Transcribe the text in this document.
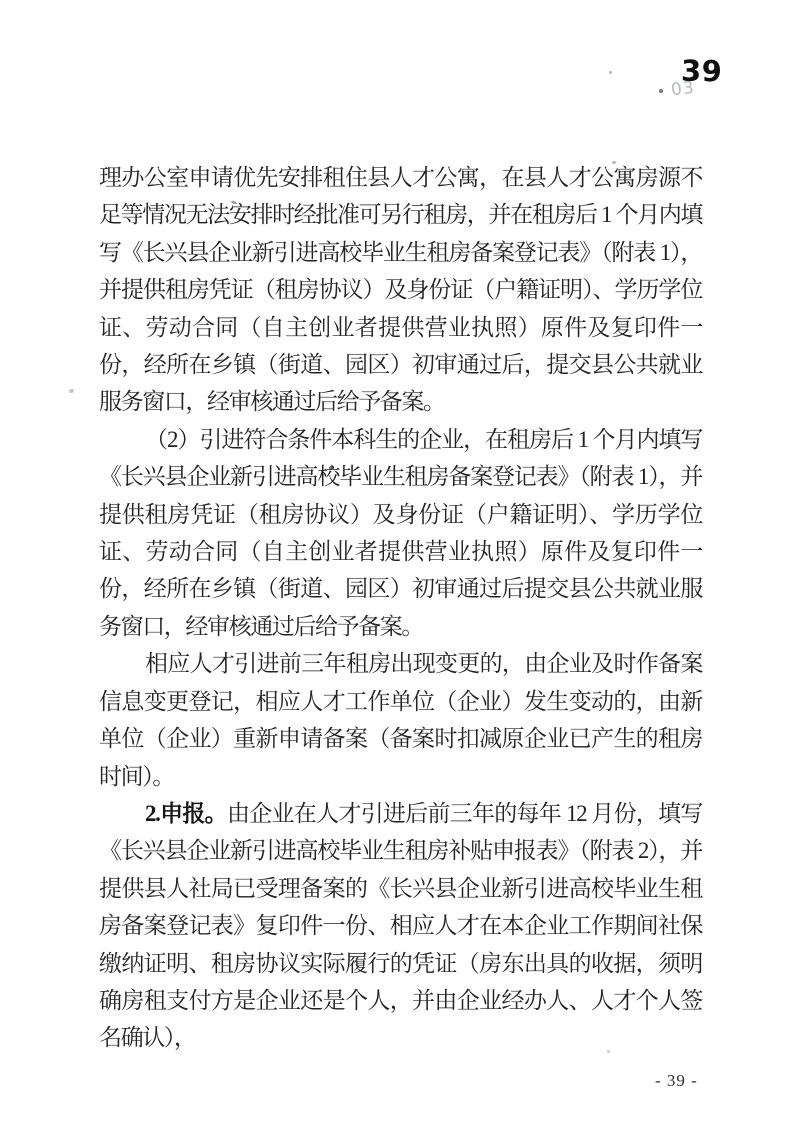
39
03

理办公室申请优先安排租住县人才公寓，在县人才公寓房源不足等情况无法安排时经批准可另行租房，并在租房后 1 个月内填写《长兴县企业新引进高校毕业生租房备案登记表》（附表 1），并提供租房凭证（租房协议）及身份证（户籍证明）、学历学位证、劳动合同（自主创业者提供营业执照）原件及复印件一份，经所在乡镇（街道、园区）初审通过后，提交县公共就业服务窗口，经审核通过后给予备案。

（2）引进符合条件本科生的企业，在租房后 1 个月内填写《长兴县企业新引进高校毕业生租房备案登记表》（附表 1），并提供租房凭证（租房协议）及身份证（户籍证明）、学历学位证、劳动合同（自主创业者提供营业执照）原件及复印件一份，经所在乡镇（街道、园区）初审通过后提交县公共就业服务窗口，经审核通过后给予备案。

相应人才引进前三年租房出现变更的，由企业及时作备案信息变更登记，相应人才工作单位（企业）发生变动的，由新单位（企业）重新申请备案（备案时扣减原企业已产生的租房时间）。

2.申报。由企业在人才引进后前三年的每年 12 月份，填写《长兴县企业新引进高校毕业生租房补贴申报表》（附表 2），并提供县人社局已受理备案的《长兴县企业新引进高校毕业生租房备案登记表》复印件一份、相应人才在本企业工作期间社保缴纳证明、租房协议实际履行的凭证（房东出具的收据，须明确房租支付方是企业还是个人，并由企业经办人、人才个人签名确认），

- 39 -
